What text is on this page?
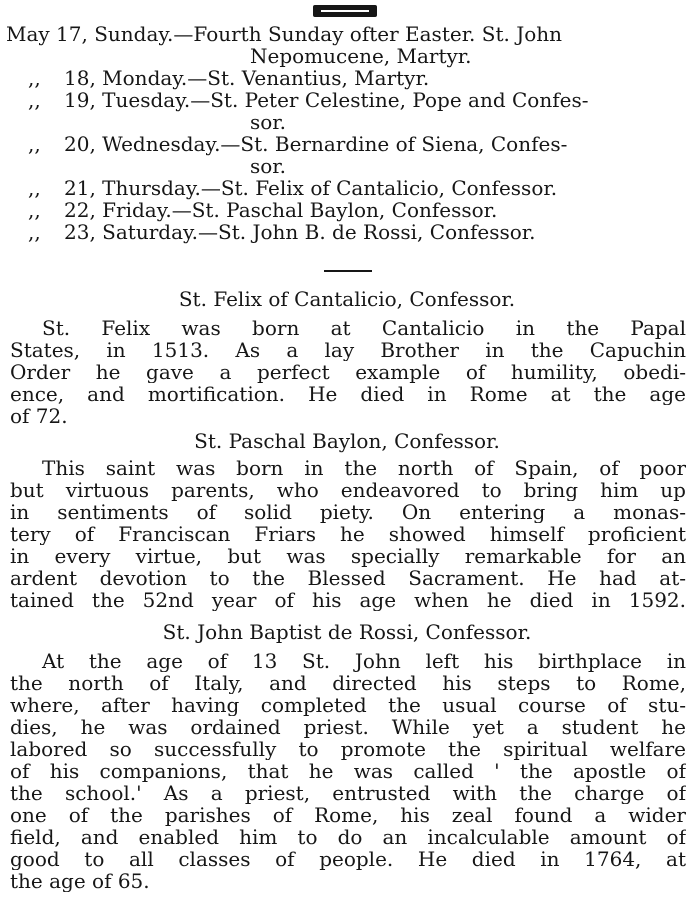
May 17, Sunday.—Fourth Sunday ofter Easter. St. John
Nepomucene, Martyr.
,,	18, Monday.—St. Venantius, Martyr.
,,	19, Tuesday.—St. Peter Celestine, Pope and Confes-
sor.
,,	20, Wednesday.—St. Bernardine of Siena, Confes-
sor.
,,	21, Thursday.—St. Felix of Cantalicio, Confessor.
,,	22, Friday.—St. Paschal Baylon, Confessor.
,,	23, Saturday.—St. John B. de Rossi, Confessor.
St. Felix of Cantalicio, Confessor.
St. Felix was born at Cantalicio in the Papal
States, in 1513. As a lay Brother in the Capuchin
Order he gave a perfect example of humility, obedi-
ence, and mortification. He died in Rome at the age
of 72.
St. Paschal Baylon, Confessor.
This saint was born in the north of Spain, of poor
but virtuous parents, who endeavored to bring him up
in sentiments of solid piety. On entering a monas-
tery of Franciscan Friars he showed himself proficient
in every virtue, but was specially remarkable for an
ardent devotion to the Blessed Sacrament. He had at-
tained the 52nd year of his age when he died in 1592.
St. John Baptist de Rossi, Confessor.
At the age of 13 St. John left his birthplace in
the north of Italy, and directed his steps to Rome,
where, after having completed the usual course of stu-
dies, he was ordained priest. While yet a student he
labored so successfully to promote the spiritual welfare
of his companions, that he was called ' the apostle of
the school.' As a priest, entrusted with the charge of
one of the parishes of Rome, his zeal found a wider
field, and enabled him to do an incalculable amount of
good to all classes of people. He died in 1764, at
the age of 65.
